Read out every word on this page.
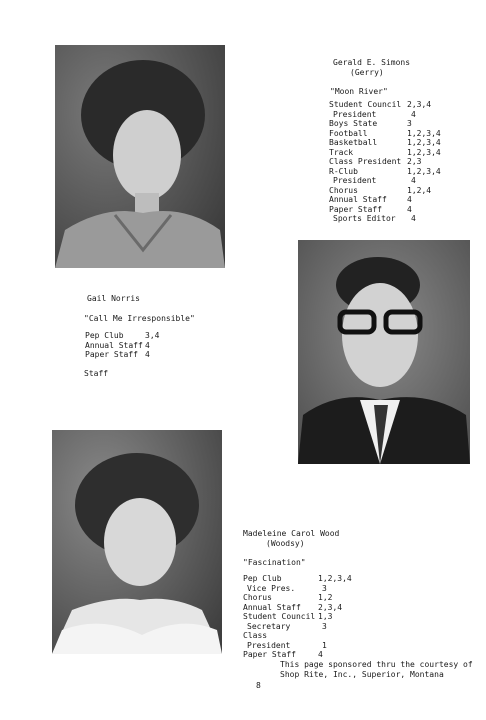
Gerald E. Simons
(Gerry)
"Moon River"
Student Council 2,3,4
President	4
Boys State	3
Football	1,2,3,4
Basketball	1,2,3,4
Track	1,2,3,4
Class President 2,3
R-Club	1,2,3,4
President	4
Chorus	1,2,4
Annual Staff	4
Paper Staff	4
Sports Editor	4
Gail Norris
"Call Me Irresponsible"
Pep Club	3,4
Annual Staff 4
Paper Staff 4
Staff
Madeleine Carol Wood
(Woodsy)
"Fascination"
Pep Club	1,2,3,4
Vice Pres.	3
Chorus	1,2
Annual Staff	2,3,4
Student Council 1,3
Secretary	3
Class
President	1
Paper Staff	4
This page sponsored thru the courtesy of
Shop Rite, Inc., Superior, Montana
8
